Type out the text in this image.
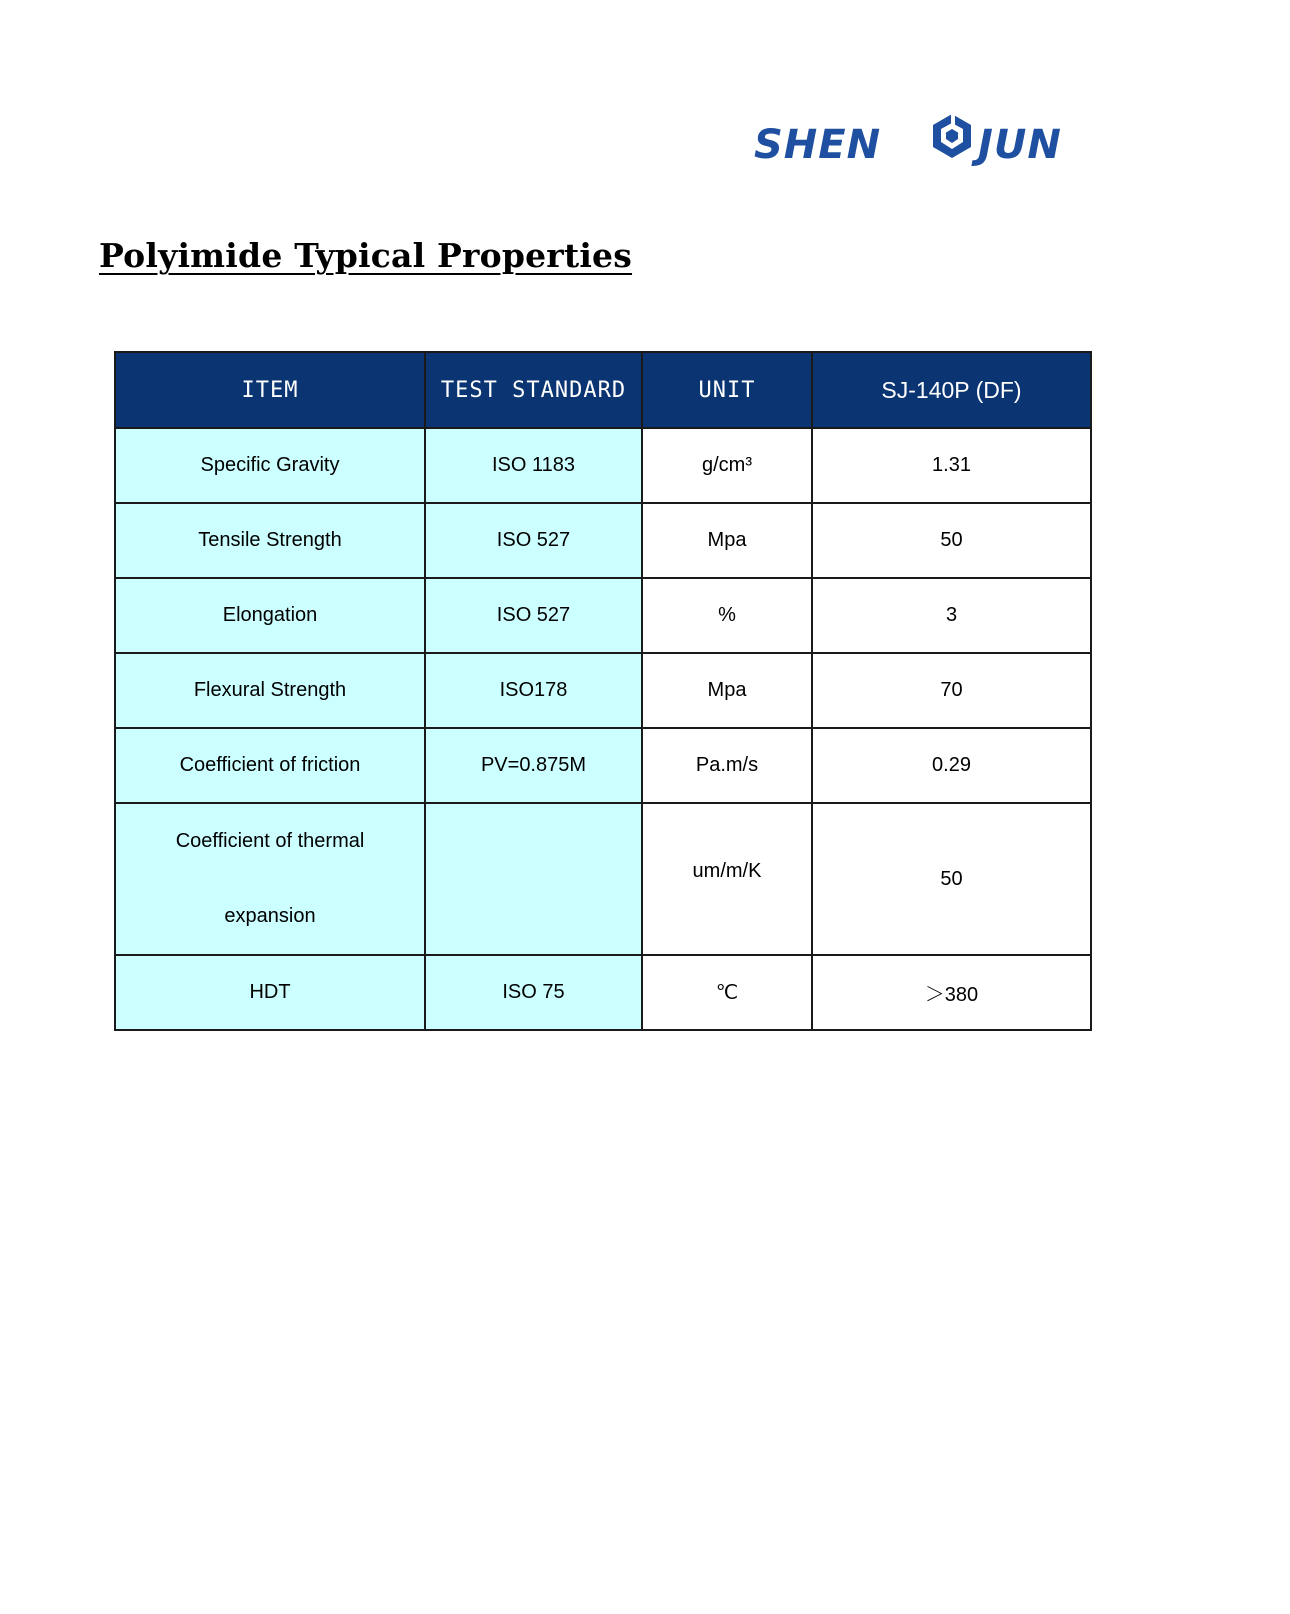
SHEN JUN
Polyimide Typical Properties
ITEM	TEST STANDARD	UNIT	SJ-140P (DF)
Specific Gravity	ISO 1183	g/cm³	1.31
Tensile Strength	ISO 527	Mpa	50
Elongation	ISO 527	%	3
Flexural Strength	ISO178	Mpa	70
Coefficient of friction	PV=0.875M	Pa.m/s	0.29

Coefficient of thermal
expansion		um/m/K	50
HDT	ISO 75	℃	＞380
